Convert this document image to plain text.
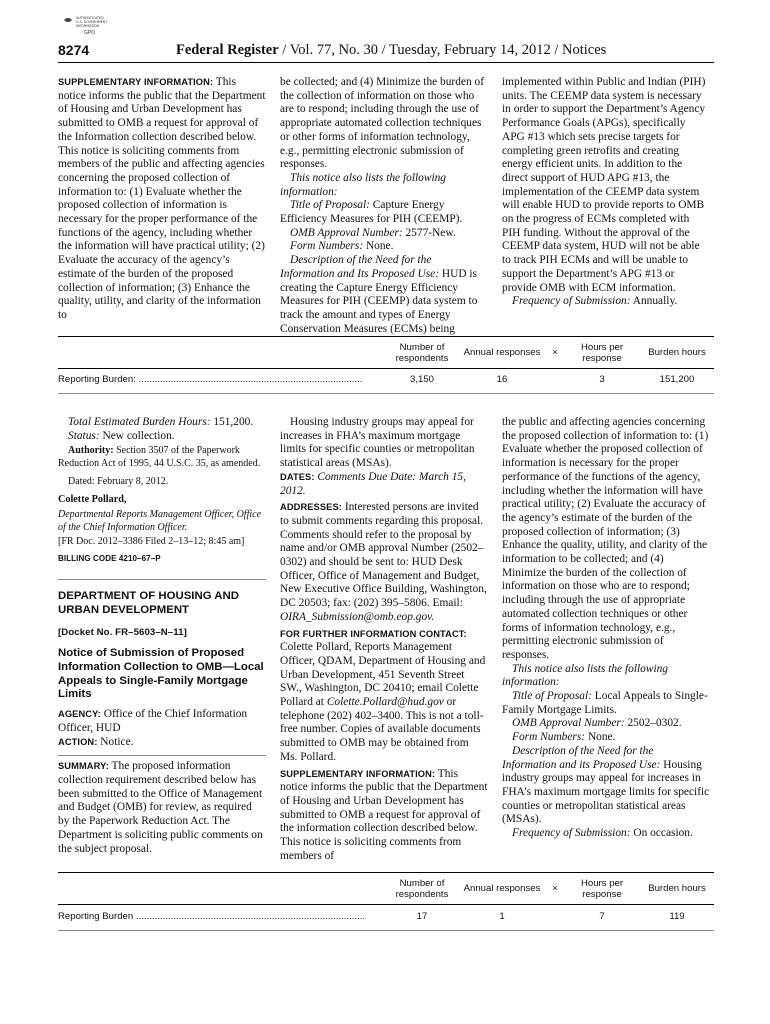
AUTHENTICATED
U.S. GOVERNMENT
INFORMATION
GPO
8274	Federal Register / Vol. 77, No. 30 / Tuesday, February 14, 2012 / Notices

SUPPLEMENTARY INFORMATION: This notice informs the public that the Department of Housing and Urban Development has submitted to OMB a request for approval of the Information collection described below. This notice is soliciting comments from members of the public and affecting agencies concerning the proposed collection of information to: (1) Evaluate whether the proposed collection of information is necessary for the proper performance of the functions of the agency, including whether the information will have practical utility; (2) Evaluate the accuracy of the agency’s estimate of the burden of the proposed collection of information; (3) Enhance the quality, utility, and clarity of the information to

be collected; and (4) Minimize the burden of the collection of information on those who are to respond; including through the use of appropriate automated collection techniques or other forms of information technology, e.g., permitting electronic submission of responses.

This notice also lists the following information:

Title of Proposal: Capture Energy Efficiency Measures for PIH (CEEMP).

OMB Approval Number: 2577-New.

Form Numbers: None.

Description of the Need for the Information and Its Proposed Use: HUD is creating the Capture Energy Efficiency Measures for PIH (CEEMP) data system to track the amount and types of Energy Conservation Measures (ECMs) being

implemented within Public and Indian (PIH) units. The CEEMP data system is necessary in order to support the Department’s Agency Performance Goals (APGs), specifically APG #13 which sets precise targets for completing green retrofits and creating energy efficient units. In addition to the direct support of HUD APG #13, the implementation of the CEEMP data system will enable HUD to provide reports to OMB on the progress of ECMs completed with PIH funding. Without the approval of the CEEMP data system, HUD will not be able to track PIH ECMs and will be unable to support the Department’s APG #13 or provide OMB with ECM information.

Frequency of Submission: Annually.

	Number of respondents	Annual responses	×	Hours per response	Burden hours

Reporting Burden: ....................................................................................	3,150	16		3	151,200

Total Estimated Burden Hours: 151,200.

Status: New collection.

Authority: Section 3507 of the Paperwork Reduction Act of 1995, 44 U.S.C. 35, as amended.

Dated: February 8, 2012.

Colette Pollard,

Departmental Reports Management Officer, Office of the Chief Information Officer.

[FR Doc. 2012–3386 Filed 2–13–12; 8:45 am]

BILLING CODE 4210–67–P

DEPARTMENT OF HOUSING AND URBAN DEVELOPMENT

[Docket No. FR–5603–N–11]

Notice of Submission of Proposed Information Collection to OMB—Local Appeals to Single-Family Mortgage Limits

AGENCY: Office of the Chief Information Officer, HUD

ACTION: Notice.

SUMMARY: The proposed information collection requirement described below has been submitted to the Office of Management and Budget (OMB) for review, as required by the Paperwork Reduction Act. The Department is soliciting public comments on the subject proposal.

Housing industry groups may appeal for increases in FHA’s maximum mortgage limits for specific counties or metropolitan statistical areas (MSAs).

DATES: Comments Due Date: March 15, 2012.

ADDRESSES: Interested persons are invited to submit comments regarding this proposal. Comments should refer to the proposal by name and/or OMB approval Number (2502–0302) and should be sent to: HUD Desk Officer, Office of Management and Budget, New Executive Office Building, Washington, DC 20503; fax: (202) 395–5806. Email: OIRA_Submission@omb.eop.gov.

FOR FURTHER INFORMATION CONTACT: Colette Pollard, Reports Management Officer, QDAM, Department of Housing and Urban Development, 451 Seventh Street SW., Washington, DC 20410; email Colette Pollard at Colette.Pollard@hud.gov or telephone (202) 402–3400. This is not a toll-free number. Copies of available documents submitted to OMB may be obtained from Ms. Pollard.

SUPPLEMENTARY INFORMATION: This notice informs the public that the Department of Housing and Urban Development has submitted to OMB a request for approval of the information collection described below. This notice is soliciting comments from members of

the public and affecting agencies concerning the proposed collection of information to: (1) Evaluate whether the proposed collection of information is necessary for the proper performance of the functions of the agency, including whether the information will have practical utility; (2) Evaluate the accuracy of the agency’s estimate of the burden of the proposed collection of information; (3) Enhance the quality, utility, and clarity of the information to be collected; and (4) Minimize the burden of the collection of information on those who are to respond; including through the use of appropriate automated collection techniques or other forms of information technology, e.g., permitting electronic submission of responses.

This notice also lists the following information:

Title of Proposal: Local Appeals to Single-Family Mortgage Limits.

OMB Approval Number: 2502–0302.

Form Numbers: None.

Description of the Need for the Information and its Proposed Use: Housing industry groups may appeal for increases in FHA’s maximum mortgage limits for specific counties or metropolitan statistical areas (MSAs).

Frequency of Submission: On occasion.

	Number of respondents	Annual responses	×	Hours per response	Burden hours

Reporting Burden ......................................................................................	17	1		7	119
